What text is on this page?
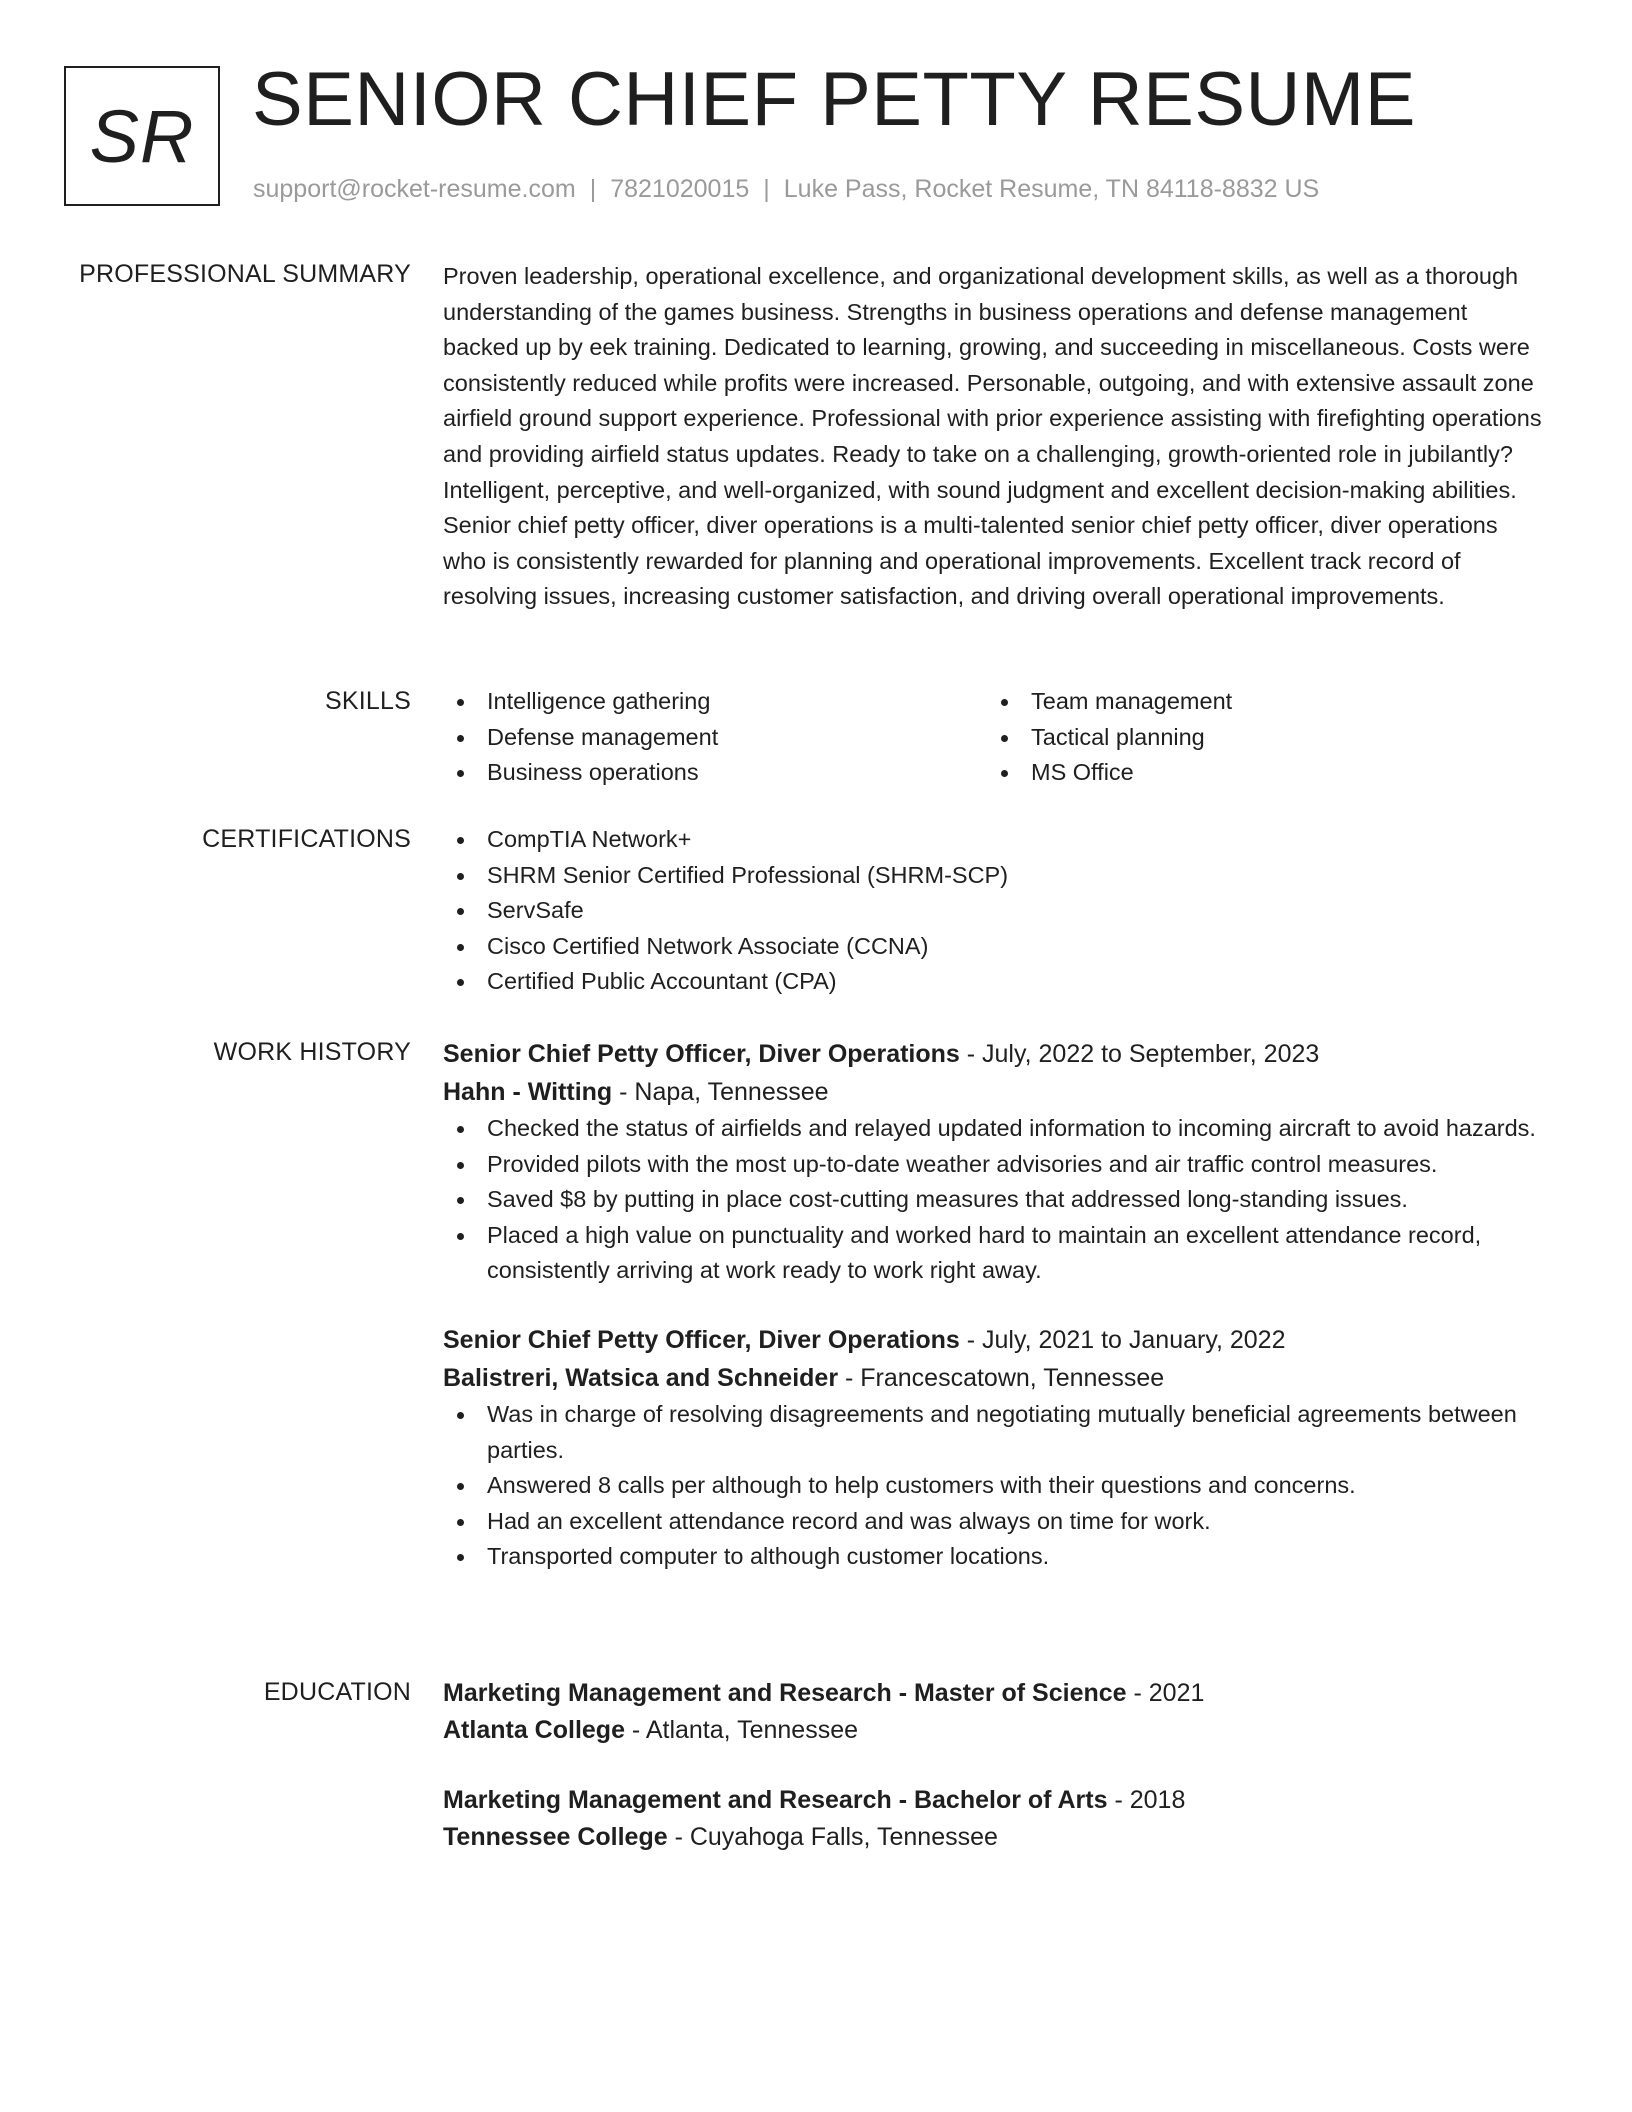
SR SENIOR CHIEF PETTY RESUME
support@rocket-resume.com | 7821020015 | Luke Pass, Rocket Resume, TN 84118-8832 US
PROFESSIONAL SUMMARY Proven leadership, operational excellence, and organizational development skills, as well as a thorough understanding of the games business. Strengths in business operations and defense management backed up by eek training. Dedicated to learning, growing, and succeeding in miscellaneous. Costs were consistently reduced while profits were increased. Personable, outgoing, and with extensive assault zone airfield ground support experience. Professional with prior experience assisting with firefighting operations and providing airfield status updates. Ready to take on a challenging, growth-oriented role in jubilantly? Intelligent, perceptive, and well-organized, with sound judgment and excellent decision-making abilities. Senior chief petty officer, diver operations is a multi-talented senior chief petty officer, diver operations who is consistently rewarded for planning and operational improvements. Excellent track record of resolving issues, increasing customer satisfaction, and driving overall operational improvements.

SKILLS	Intelligence gathering
Defense management
Business operations
Team management
Tactical planning
MS Office
CERTIFICATIONS	CompTIA Network+
SHRM Senior Certified Professional (SHRM-SCP)
ServSafe
Cisco Certified Network Associate (CCNA)
Certified Public Accountant (CPA)
WORK HISTORY Senior Chief Petty Officer, Diver Operations - July, 2022 to September, 2023
Hahn - Witting - Napa, Tennessee
Checked the status of airfields and relayed updated information to incoming aircraft to avoid hazards.
Provided pilots with the most up-to-date weather advisories and air traffic control measures.
Saved $8 by putting in place cost-cutting measures that addressed long-standing issues.
Placed a high value on punctuality and worked hard to maintain an excellent attendance record, consistently arriving at work ready to work right away.
Senior Chief Petty Officer, Diver Operations - July, 2021 to January, 2022
Balistreri, Watsica and Schneider - Francescatown, Tennessee
Was in charge of resolving disagreements and negotiating mutually beneficial agreements between parties.
Answered 8 calls per although to help customers with their questions and concerns.
Had an excellent attendance record and was always on time for work.
Transported computer to although customer locations.
EDUCATION Marketing Management and Research - Master of Science - 2021
Atlanta College - Atlanta, Tennessee
Marketing Management and Research - Bachelor of Arts - 2018
Tennessee College - Cuyahoga Falls, Tennessee
